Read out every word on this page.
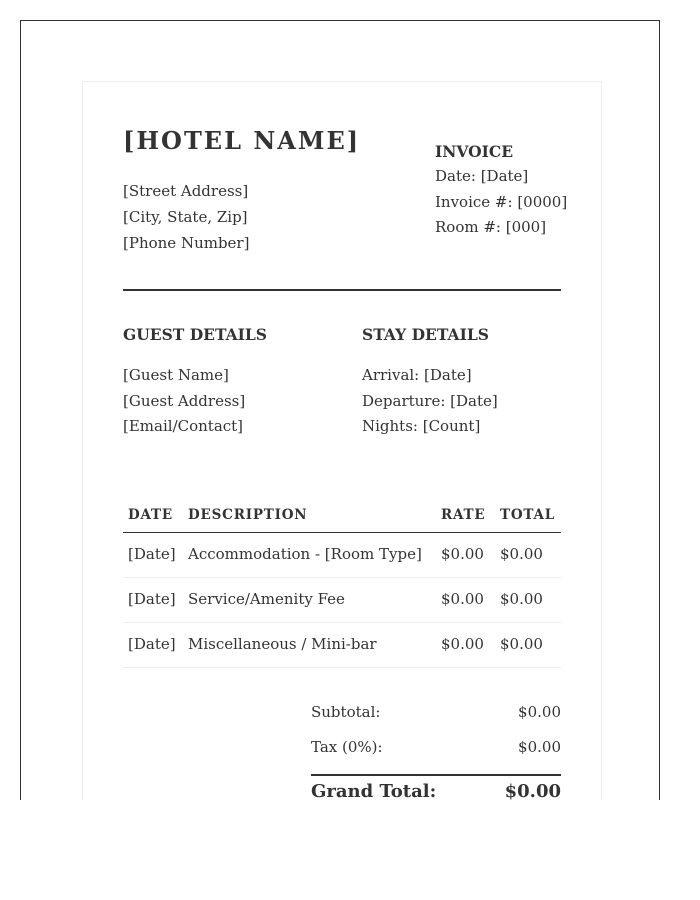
[HOTEL NAME]
[Street Address]
[City, State, Zip]
[Phone Number]
INVOICE
Date: [Date]
Invoice #: [0000]
Room #: [000]
GUEST DETAILS
[Guest Name]
[Guest Address]
[Email/Contact]
STAY DETAILS
Arrival: [Date]
Departure: [Date]
Nights: [Count]
DATE DESCRIPTION	RATE TOTAL
[Date] Accommodation - [Room Type] $0.00 $0.00
[Date] Service/Amenity Fee	$0.00 $0.00
[Date] Miscellaneous / Mini-bar	$0.00 $0.00
Subtotal:	$0.00
Tax (0%):	$0.00
Grand Total:	$0.00
